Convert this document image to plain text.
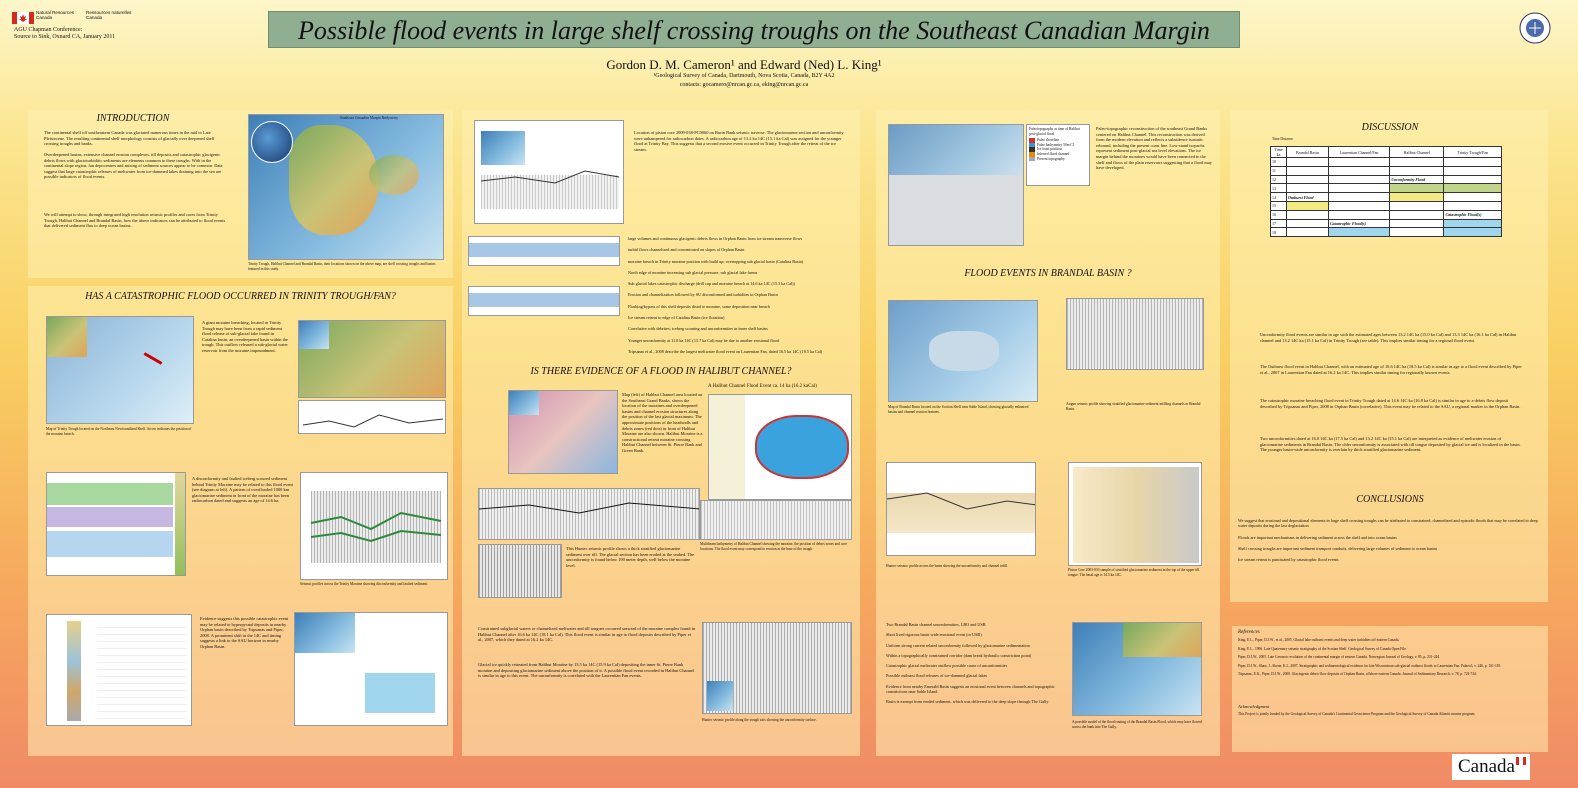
Natural Resources Canada
Ressources naturelles Canada
AGU Chapman Conference:
Source to Sink, Oxnard CA, January 2011	Possible flood events in large shelf crossing troughs on the Southeast Canadian Margin
Gordon D. M. Cameron¹ and Edward (Ned) L. King¹
¹Geological Survey of Canada, Dartmouth, Nova Scotia, Canada, B2Y 4A2
contacts: gocamero@nrcan.gc.ca, eking@nrcan.gc.ca
INTRODUCTION
The continental shelf off southeastern Canada was glaciated numerous times in the mid to Late Pleistocene. The resulting continental shelf morphology consists of glacially over deepened shelf crossing troughs and banks.
Overdeepened basins, extensive channel erosion complexes, till deposits and catastrophic glacigenic debris flows with glacioturbiditic sediments are elements common to these troughs. With in the continental slope region, fan depocentres and mixing of sediment sources appear to be common. Data suggest that large catastrophic releases of meltwater from ice-dammed lakes draining into the sea are possible indicators of flood events.
We will attempt to show, through integrated high resolution seismic profiles and cores from Trinity Trough, Halibut Channel and Brandal Basin, how the above indicators can be attributed to flood events that delivered sediment flux to deep ocean basins.
Southeast Canadian Margin Bathymetry
Trinity Trough, Halibut Channel and Brandal Basin, their locations shown on the above map, are shelf crossing troughs and basins featured in this study.
HAS A CATASTROPHIC FLOOD OCCURRED IN TRINITY TROUGH/FAN?
Map of Trinity Trough located on the Northeast Newfoundland Shelf. Arrow indicates the position of the moraine breach.
A giant moraine breaching, located in Trinity Trough may have been from a rapid sediment flood release of sub-glacial lake found in Catalina basin, an overdeepened basin within the trough. This outflow released a sub-glacial water reservoir from the moraine impoundment.
A disconformity and faulted iceberg scoured sediment behind Trinity Moraine may be related to this flood event (see diagram at left). A pattern of overflooded 1000 km glaciomarine sediment in front of the moraine has been radiocarbon dated and suggests an age of 14.6 ka.
Seismic profiles across the Trinity Moraine showing disconformity and faulted sediment.
Evidence suggests this possible catastrophic event may be related to hyperpycnal deposits in nearby Orphan basin described by Tripsanas and Piper, 2008. A prominent shift in the 14C and timing suggests a link to the SAU horizon in nearby Orphan Basin.
Location of piston core 2009-038-PC0060 on Burin Bank seismic traverse. The glaciomarine section and unconformity were unhampered for radiocarbon dates. A radiocarbon age of 13.2 ka 14C (15.1 ka Cal) was assigned for the younger flood at Trinity Bay. This suggests that a second erosive event occurred in Trinity Trough after the retreat of the ice stream.
large volumes and continuous glacigenic debris flows in Orphan Basin from ice stream transverse flows
turbid flows channelized and concentrated on slopes of Orphan Basin
moraine breach in Trinity moraine position with build up; overtopping sub glacial basin (Catalina Basin)
North edge of moraine increasing sub glacial pressure, sub glacial lake forms
Sub glacial lakes catastrophic discharge (drill cap and moraine breach at 14.6 ka 14C (15.3 ka Cal))
Erosion and channelization followed by SU disconformed and turbidites in Orphan Basin
Flushing/bypass of this shelf deposits distal to moraine, some deposition near breach
Ice stream retreat to edge of Catalina Basin (ice flotation)
Correlative with debrites; iceberg scouring and unconformities in inner shelf basins
Younger unconformity at 11.8 ka 14C (13.7 ka Cal) may be due to another erosional flood
Tripsanas et al., 2008 describe the largest meltwater flood event on Laurentian Fan, dated 16.5 ka 14C (19.5 ka Cal)
IS THERE EVIDENCE OF A FLOOD IN HALIBUT CHANNEL?
Map (left) of Halibut Channel area located on the Southeast Grand Banks, shows the location of the moraines and overdeepened basins and channel erosion structures along the position of the last glacial maximum. The approximate positions of the headwalls and debris zones (red dots) in front of Halibut Moraine are also shown. Halibut Moraine is a constructional retreat moraine crossing Halibut Channel between St. Pierre Bank and Green Bank.
A Halibut Channel Flood Event ca. 14 ka (16.2 kaCal)
Multibeam bathymetry of Halibut Channel showing the moraine, the position of debris zones and core locations. The flood event may correspond to erosion at the base of the trough.
This Huntec seismic profile shows a thick stratified glaciomarine sediment over till. The glacial section has been eroded at the seabed. The unconformity is found below 190 meter depth, well below the moraine level.
Constrained subglacial waters or channelized meltwater and till tongues occurred seaward of the moraine complex found in Halibut Channel after 16.6 ka 14C (18.1 ka Cal). This flood event is similar in age to flood deposits described by Piper et al., 2007, which they dated at 16.2 ka 14C.
Glacial ice quickly retreated from Halibut Moraine by 13.5 ka 14C (15.9 ka Cal) depositing the inner St. Pierre Bank moraine and depositing glaciomarine sediment above the position of it. A possible flood event recorded in Halibut Channel is similar in age to this event. The unconformity is correlated with the Laurentian Fan events.
Huntec seismic profile along the trough axis showing the unconformity surface.
Paleotopography at time of Halibut post-glacial flood
Paleo shoreline
Paleo bathymetry 50m CI
Ice front position
Inferred flood channel
Present topography
Paleo-topographic reconstruction of the southeast Grand Banks centered on Halibut Channel. This reconstruction was derived from the modern elevation and reflects a subsidence isostatic rebound, including the present coast line. Low-stand isopachs represent sediment post-glacial sea level elevations. The ice margin behind the moraines would have been connected to the shelf and flows of the plain reservoirs suggesting that a flood may have developed.
FLOOD EVENTS IN BRANDAL BASIN ?
Map of Brandal Basin located on the Scotian Shelf near Sable Island, showing glacially enhanced basins and channel erosion features.
Airgun seismic profile showing stratified glaciomarine sediment infilling channels in Brandal Basin.
Huntec seismic profile across the basin showing the unconformity and channel infill.
Piston Core 2003-033 sample of stratified glaciomarine sediment in the top of the upper till tongue. The basal age is 14.5 ka 14C.
Two Brandal Basin channel unconformities, LBO and USB
Short lived rigorous basin wide erosional event (or USB)
Uniform strong current related unconformity followed by glaciomarine sedimentation
Within a topographically constrained corridor (dam break hydraulic constriction point)
Catastrophic glacial meltwater outflow possible cause of unconformities
Possible outburst flood releases of ice-dammed glacial lakes
Evidence from nearby Emerald Basin suggests an erosional event between channels and topographic constrictions near Sable Island
Basin is exempt from eroded sediment, which was delivered to the deep slope through The Gully
A possible model of the flood routing of the Brandal Basin Flood, which may have flowed across the bank into The Gully.
DISCUSSION
Time Distance
Time ka	Brandal Basin	Laurentian Channel/Fan	Halibut Channel	Trinity Trough/Fan
10				
11				
12			Unconformity Flood	
13				
14	Outburst Flood			
15				
16				Catastrophic Flood(s)
17		Catastrophic Flood(s)		
18				
Unconformity flood events are similar in age with the estimated ages between 13.2 14C ka (15.0 ka Cal) and 13.3 14C ka (16.1 ka Cal) in Halibut channel and 13.2 14C ka (15.1 ka Cal) in Trinity Trough (see table). This implies similar timing for a regional flood event.
The Outburst flood event in Halibut Channel, with an estimated age of 16.6 14C ka (18.5 ka Cal) is similar in age to a flood event described by Piper et al., 2007 in Laurentian Fan dated at 16.2 ka 14C. This implies similar timing for regionally known events.
The catastrophic moraine breaching flood event in Trinity Trough dated at 14.6 14C ka (16.8 ka Cal) is similar in age to a debris flow deposit described by Tripsanas and Piper, 2008 in Orphan Basin (correlative). This event may be related to the SAU, a regional marker in the Orphan Basin.
Two unconformities dated at 16.0 14C ka (17.5 ka Cal) and 13.2 14C ka (15.1 ka Cal) are interpreted as evidence of meltwater erosion of glaciomarine sediments in Brandal Basin. The older unconformity is associated with till tongue deposited by glacial ice and is localized in the basin. The younger basin-wide unconformity is overlain by thick stratified glaciomarine sediment.
CONCLUSIONS
We suggest that erosional and depositional elements in large shelf crossing troughs can be attributed to constrained, channelized and episodic floods that may be correlated to deep water deposits during the last deglaciation
Floods are important mechanisms in delivering sediment across the shelf and into ocean basins
Shelf crossing troughs are important sediment transport conduits, delivering large volumes of sediment to ocean basins
Ice stream retreat is punctuated by catastrophic flood events
References
King, E.L., Piper, D.J.W., et al., 2005. Glacial lake outburst events and deep water turbidites off eastern Canada.
King, E.L., 1996. Late Quaternary seismic stratigraphy of the Scotian Shelf. Geological Survey of Canada Open File.
Piper, D.J.W., 2005. Late Cenozoic evolution of the continental margin of eastern Canada. Norwegian Journal of Geology, v. 85, p. 231-244.
Piper, D.J.W., Shaw, J., Skene, K.I., 2007. Stratigraphic and sedimentological evidence for late Wisconsinan sub-glacial outburst floods to Laurentian Fan. Palaeo3, v. 246, p. 101-119.
Tripsanas, E.K., Piper, D.J.W., 2008. Glaciogenic debris-flow deposits of Orphan Basin, offshore eastern Canada. Journal of Sedimentary Research, v. 78, p. 724-744.
Acknowledgment
This Project is jointly funded by the Geological Survey of Canada's Continental Geoscience Program and the Geological Survey of Canada Atlantic marine program.
Canada
